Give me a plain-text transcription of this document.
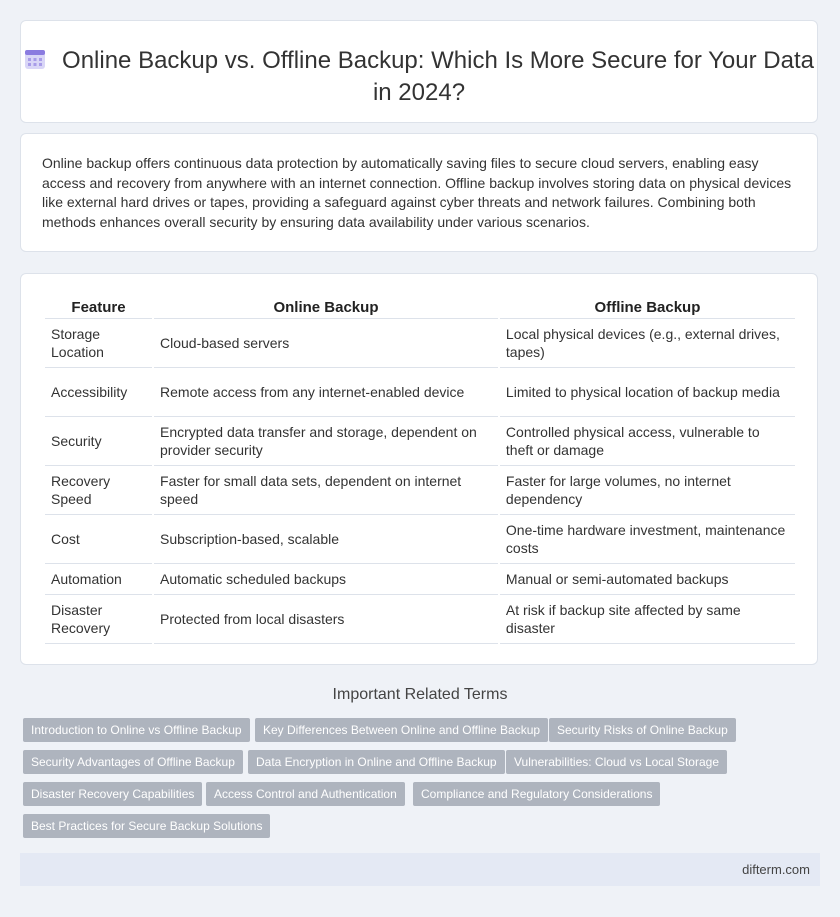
Online Backup vs. Offline Backup: Which Is More Secure for Your Data in 2024?
Online backup offers continuous data protection by automatically saving files to secure cloud servers, enabling easy access and recovery from anywhere with an internet connection. Offline backup involves storing data on physical devices like external hard drives or tapes, providing a safeguard against cyber threats and network failures. Combining both methods enhances overall security by ensuring data availability under various scenarios.
Feature	Online Backup	Offline Backup
Storage Location	Cloud-based servers	Local physical devices (e.g., external drives, tapes)
Accessibility	Remote access from any internet-enabled device	Limited to physical location of backup media
Security	Encrypted data transfer and storage, dependent on provider security	Controlled physical access, vulnerable to theft or damage
Recovery Speed	Faster for small data sets, dependent on internet speed	Faster for large volumes, no internet dependency
Cost	Subscription-based, scalable	One-time hardware investment, maintenance costs
Automation	Automatic scheduled backups	Manual or semi-automated backups
Disaster Recovery	Protected from local disasters	At risk if backup site affected by same disaster
Important Related Terms
Introduction to Online vs Offline Backup	Key Differences Between Online and Offline Backup	Security Risks of Online Backup
Security Advantages of Offline Backup	Data Encryption in Online and Offline Backup	Vulnerabilities: Cloud vs Local Storage
Disaster Recovery Capabilities	Access Control and Authentication	Compliance and Regulatory Considerations
Best Practices for Secure Backup Solutions
difterm.com
